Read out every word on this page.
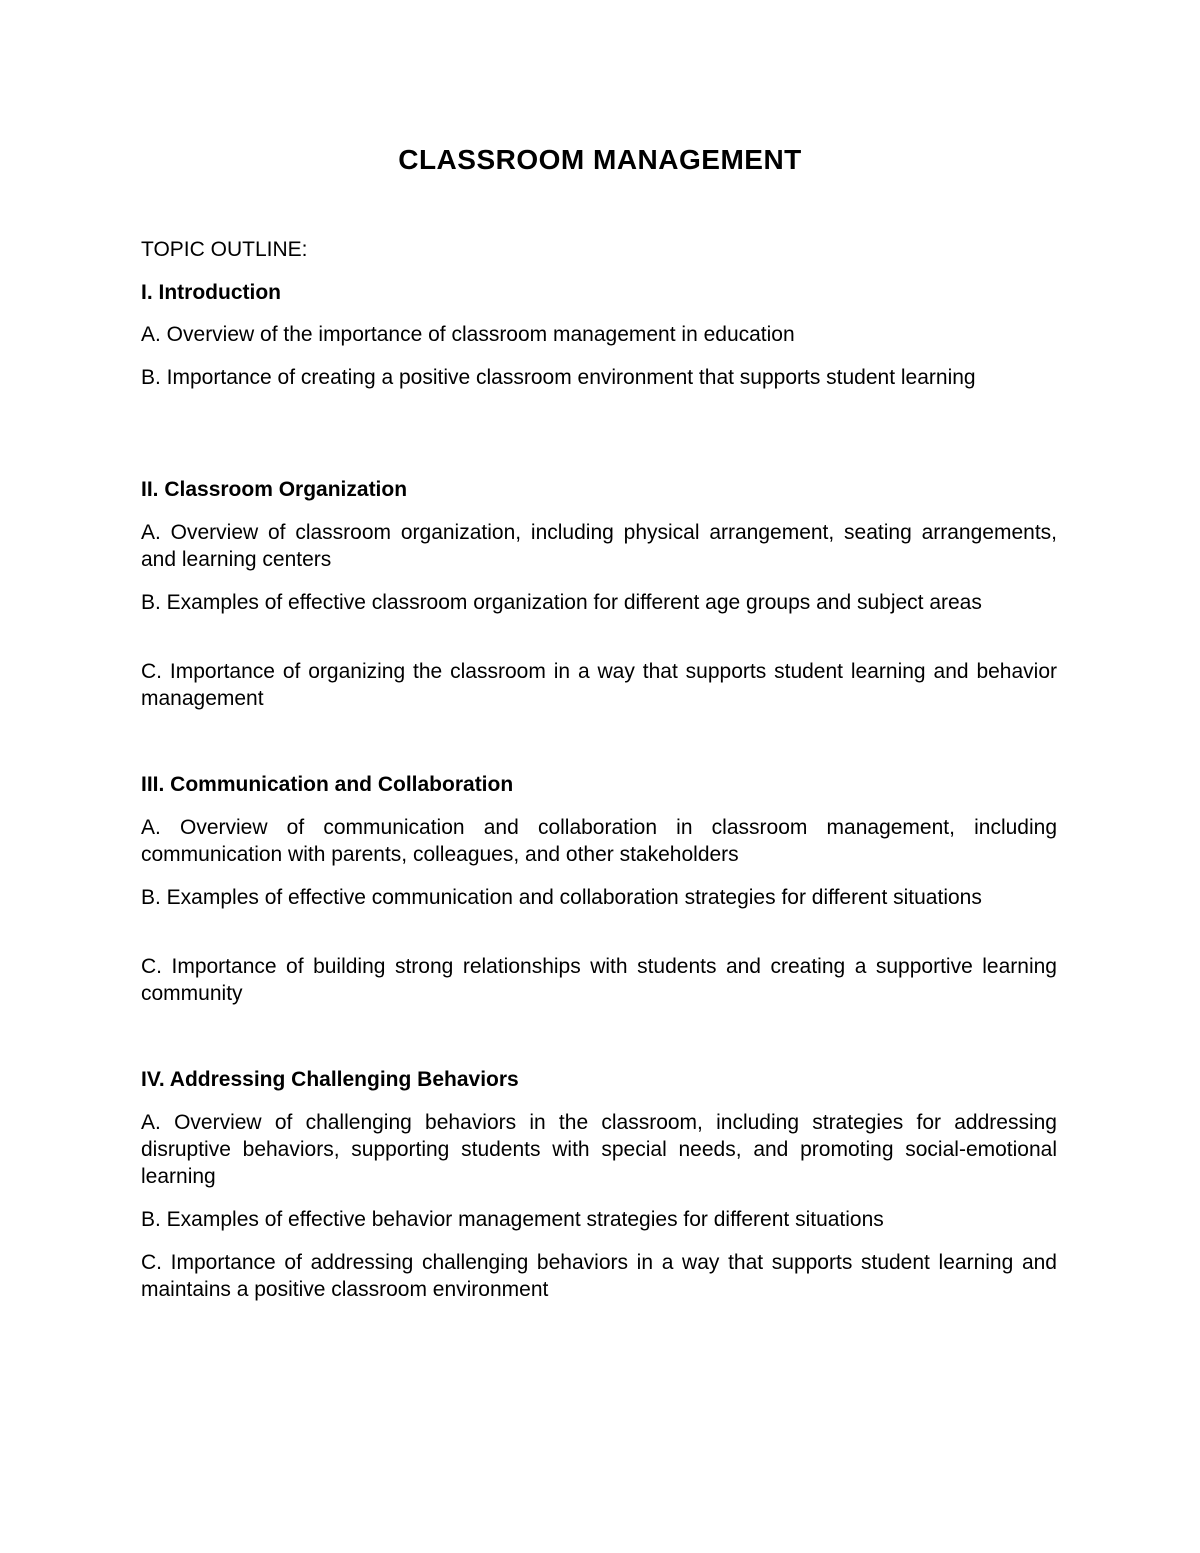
CLASSROOM MANAGEMENT

TOPIC OUTLINE:

I. Introduction

A. Overview of the importance of classroom management in education

B. Importance of creating a positive classroom environment that supports student learning

II. Classroom Organization

A. Overview of classroom organization, including physical arrangement, seating arrangements, and learning centers

B. Examples of effective classroom organization for different age groups and subject areas

C. Importance of organizing the classroom in a way that supports student learning and behavior management

III. Communication and Collaboration

A. Overview of communication and collaboration in classroom management, including communication with parents, colleagues, and other stakeholders

B. Examples of effective communication and collaboration strategies for different situations

C. Importance of building strong relationships with students and creating a supportive learning community

IV. Addressing Challenging Behaviors

A. Overview of challenging behaviors in the classroom, including strategies for addressing disruptive behaviors, supporting students with special needs, and promoting social-emotional learning

B. Examples of effective behavior management strategies for different situations

C. Importance of addressing challenging behaviors in a way that supports student learning and maintains a positive classroom environment
